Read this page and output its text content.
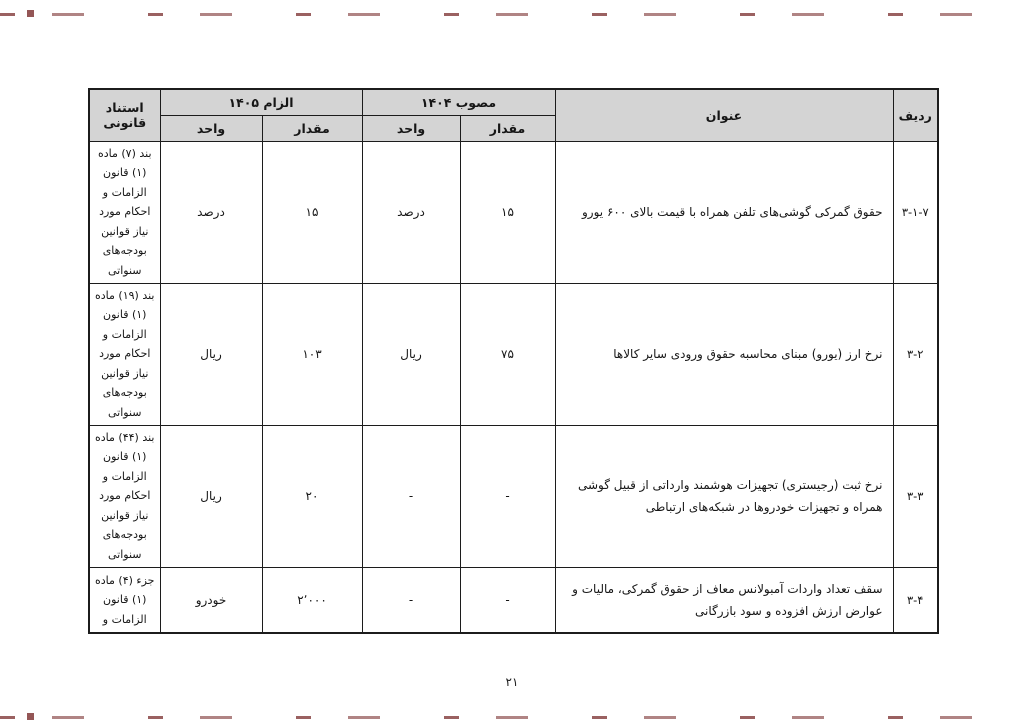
ردیف	عنوان	مصوب ۱۴۰۴		الزام ۱۴۰۵		استناد قانونی
		مقدار	واحد	مقدار	واحد	
۳-۱-۷	حقوق گمرکی گوشی‌های تلفن همراه با قیمت بالای ۶۰۰ یورو	۱۵	درصد	۱۵	درصد	بند (۷) ماده (۱) قانون الزامات و احکام مورد نیاز قوانین بودجه‌های سنواتی
۳-۲	نرخ ارز (یورو) مبنای محاسبه حقوق ورودی سایر کالاها	۷۵	ریال	۱۰۳	ریال	بند (۱۹) ماده (۱) قانون الزامات و احکام مورد نیاز قوانین بودجه‌های سنواتی
۳-۳	نرخ ثبت (رجیستری) تجهیزات هوشمند وارداتی از قبیل گوشی همراه و تجهیزات خودروها در شبکه‌های ارتباطی	-	-	۲۰	ریال	بند (۴۴) ماده (۱) قانون الزامات و احکام مورد نیاز قوانین بودجه‌های سنواتی
۳-۴	سقف تعداد واردات آمبولانس معاف از حقوق گمرکی، مالیات و عوارض ارزش افزوده و سود بازرگانی	-	-	۲٬۰۰۰	خودرو	جزء (۴) ماده (۱) قانون الزامات و
۲۱
